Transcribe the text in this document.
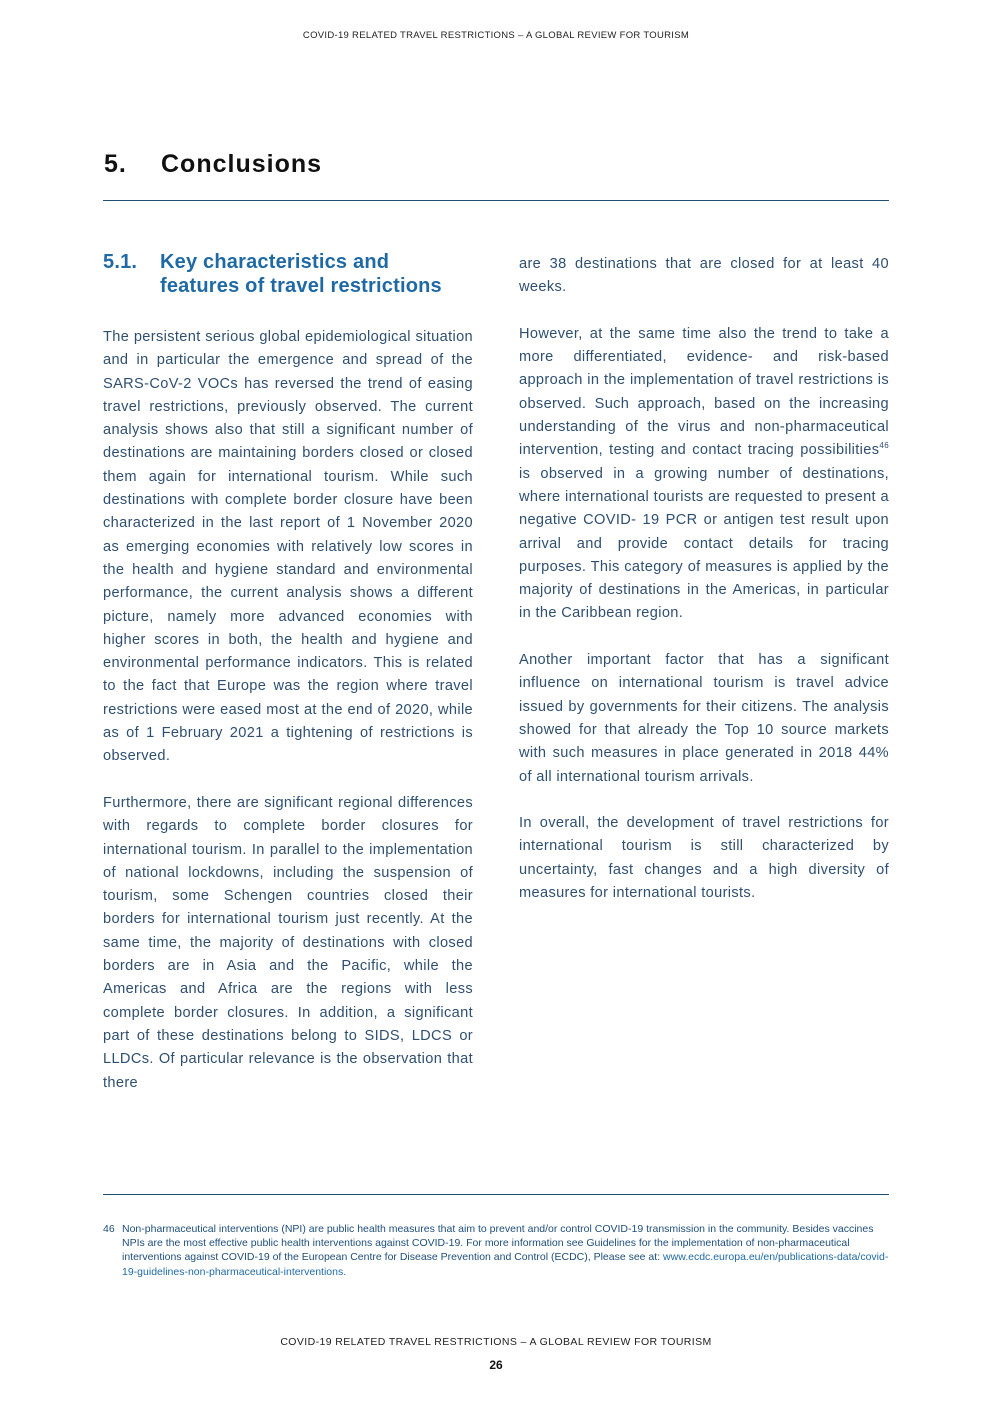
COVID-19 RELATED TRAVEL RESTRICTIONS – A GLOBAL REVIEW FOR TOURISM
5. Conclusions
5.1.	Key characteristics and features of travel restrictions

The persistent serious global epidemiological situation and in particular the emergence and spread of the SARS-CoV-2 VOCs has reversed the trend of easing travel restrictions, previously observed. The current analysis shows also that still a significant number of destinations are maintaining borders closed or closed them again for international tourism. While such destinations with complete border closure have been characterized in the last report of 1 November 2020 as emerging economies with relatively low scores in the health and hygiene standard and environmental performance, the current analysis shows a different picture, namely more advanced economies with higher scores in both, the health and hygiene and environmental performance indicators. This is related to the fact that Europe was the region where travel restrictions were eased most at the end of 2020, while as of 1 February 2021 a tightening of restrictions is observed.

Furthermore, there are significant regional differences with regards to complete border closures for international tourism. In parallel to the implementation of national lockdowns, including the suspension of tourism, some Schengen countries closed their borders for international tourism just recently. At the same time, the majority of destinations with closed borders are in Asia and the Pacific, while the Americas and Africa are the regions with less complete border closures. In addition, a significant part of these destinations belong to SIDS, LDCS or LLDCs. Of particular relevance is the observation that there

are 38 destinations that are closed for at least 40 weeks.

However, at the same time also the trend to take a more differentiated, evidence- and risk-based approach in the implementation of travel restrictions is observed. Such approach, based on the increasing understanding of the virus and non-pharmaceutical intervention, testing and contact tracing possibilities$^{46}$ is observed in a growing number of destinations, where international tourists are requested to present a negative COVID- 19 PCR or antigen test result upon arrival and provide contact details for tracing purposes. This category of measures is applied by the majority of destinations in the Americas, in particular in the Caribbean region.

Another important factor that has a significant influence on international tourism is travel advice issued by governments for their citizens. The analysis showed for that already the Top 10 source markets with such measures in place generated in 2018 44% of all international tourism arrivals.

In overall, the development of travel restrictions for international tourism is still characterized by uncertainty, fast changes and a high diversity of measures for international tourists.

46 Non-pharmaceutical interventions (NPI) are public health measures that aim to prevent and/or control COVID-19 transmission in the community. Besides vaccines NPIs are the most effective public health interventions against COVID-19. For more information see Guidelines for the implementation of non-pharmaceutical interventions against COVID-19 of the European Centre for Disease Prevention and Control (ECDC), Please see at: www.ecdc.europa.eu/en/publications-data/covid-19-guidelines-non-pharmaceutical-interventions.
COVID-19 RELATED TRAVEL RESTRICTIONS – A GLOBAL REVIEW FOR TOURISM
26
